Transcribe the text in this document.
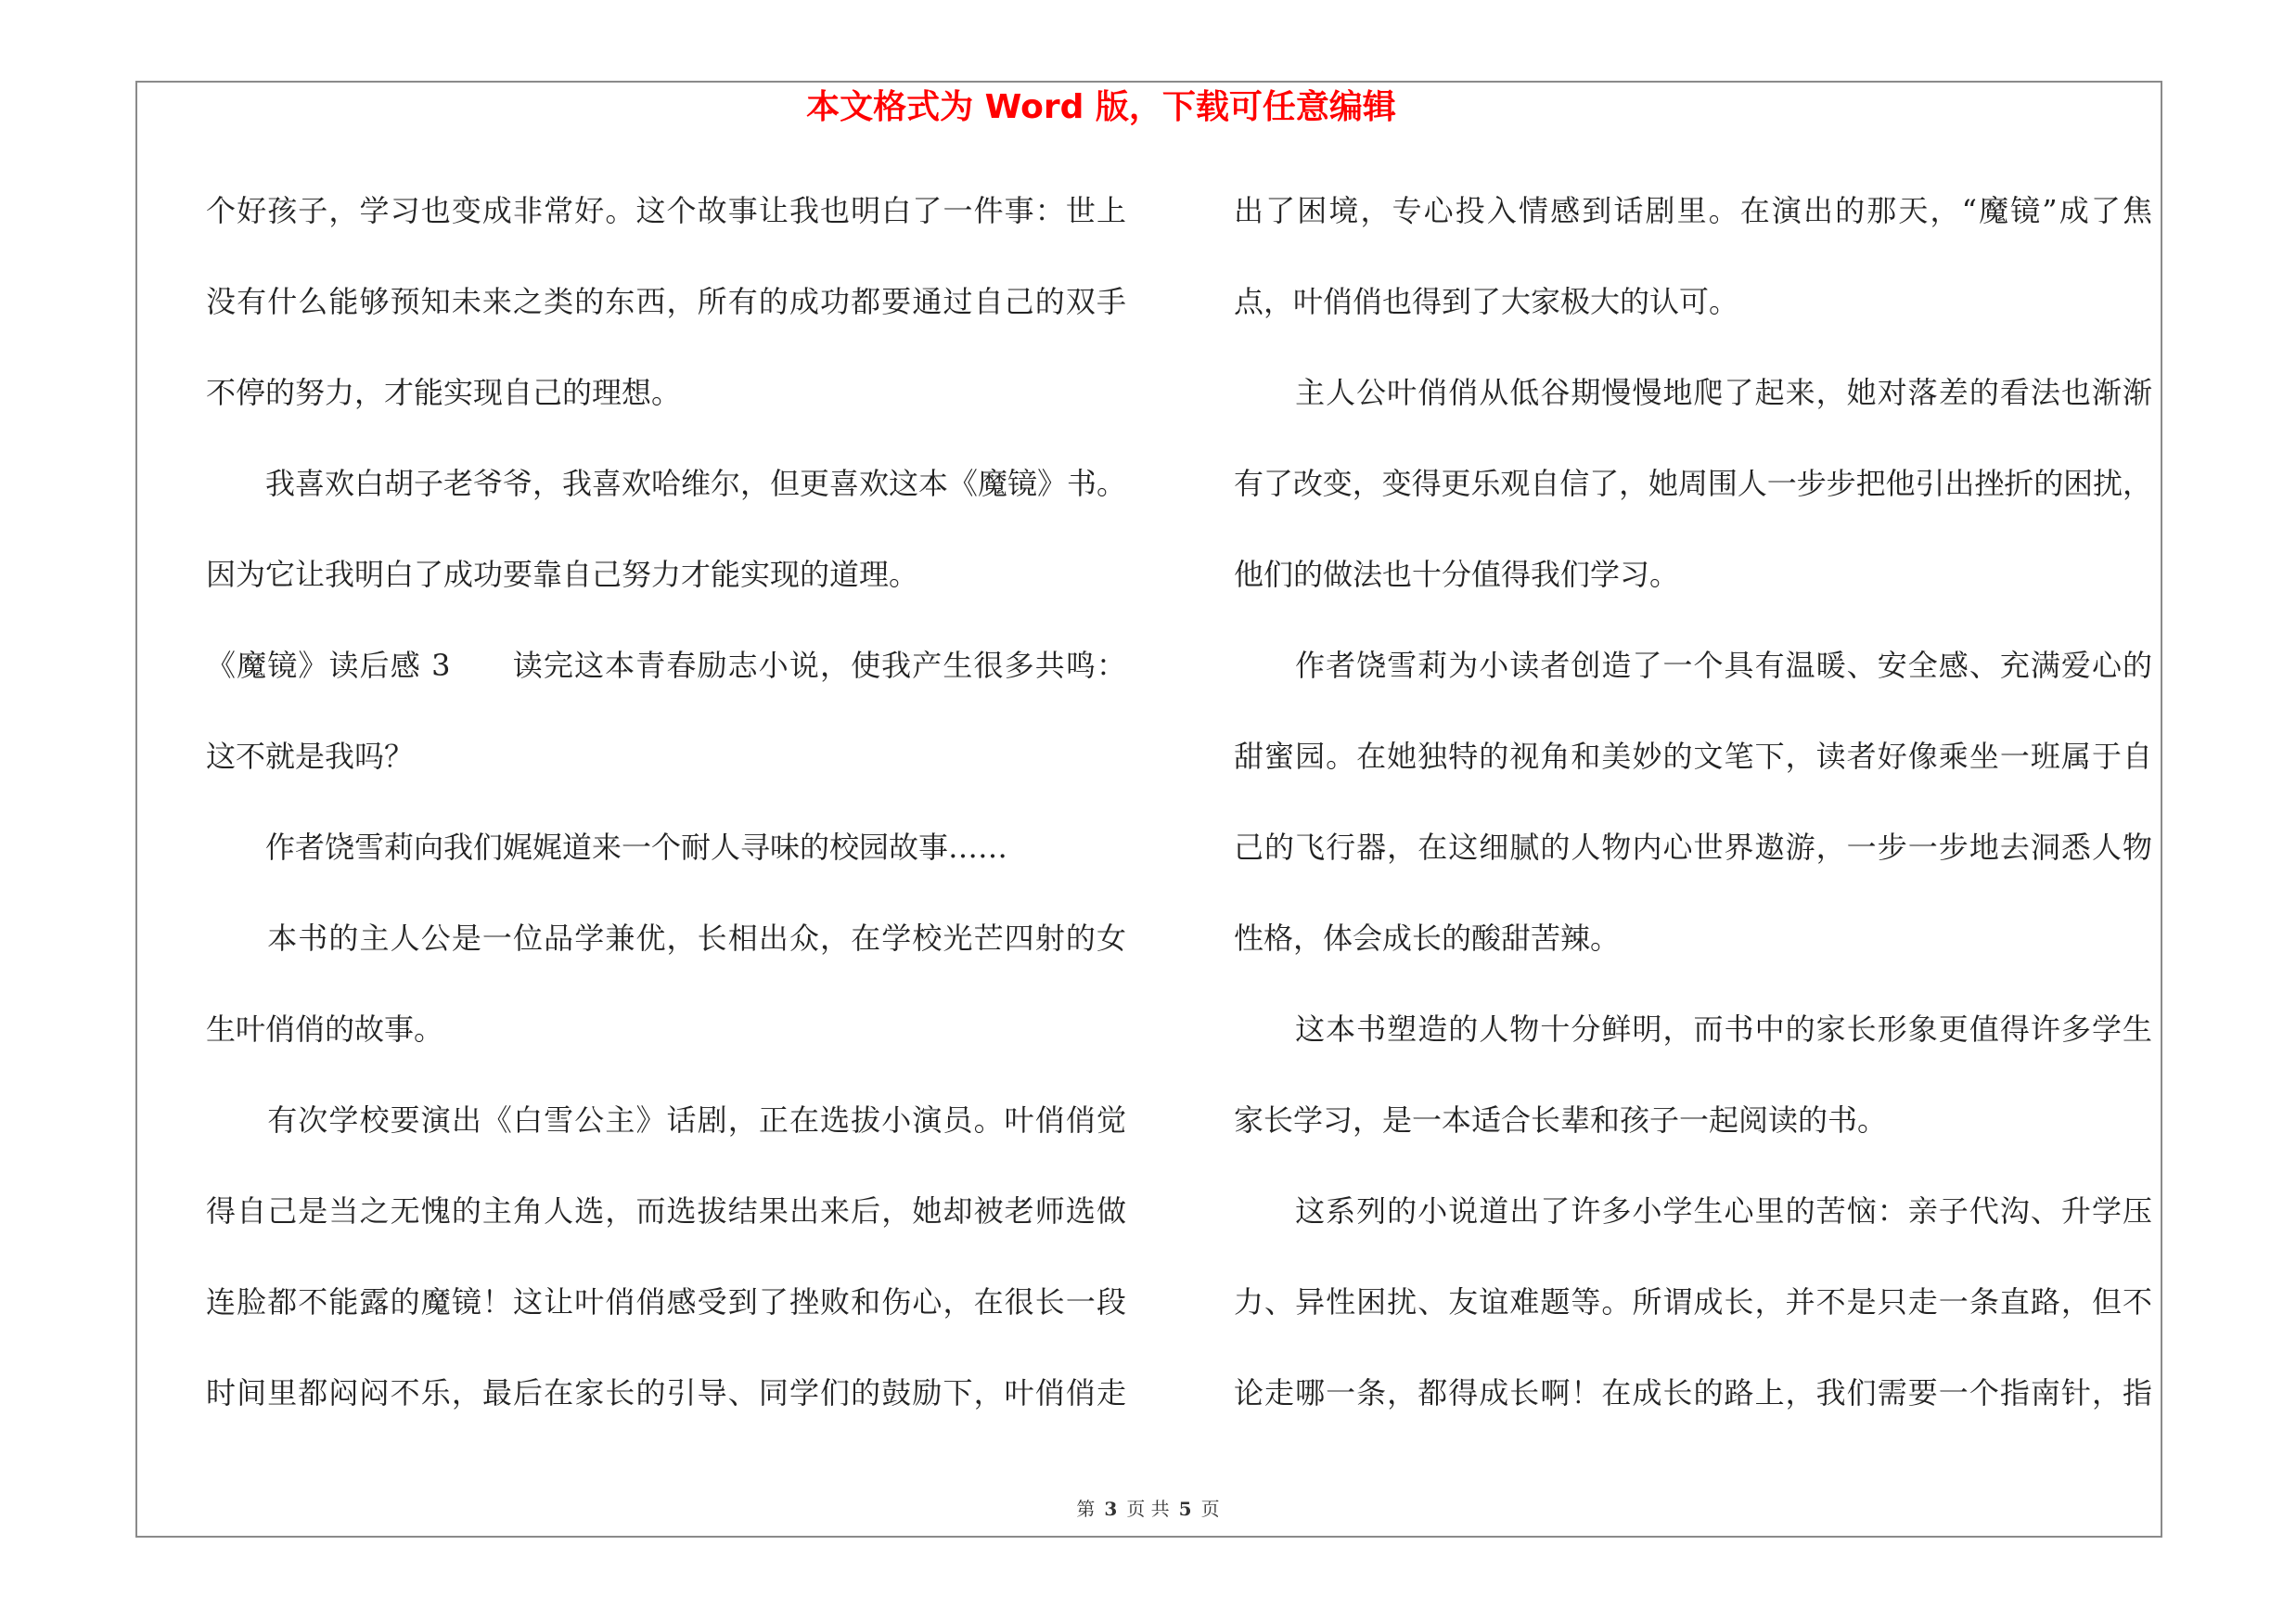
本文格式为 Word 版，下载可任意编辑
个好孩子，学习也变成非常好。这个故事让我也明白了一件事：世上
没有什么能够预知未来之类的东西，所有的成功都要通过自己的双手
不停的努力，才能实现自己的理想。
　　我喜欢白胡子老爷爷，我喜欢哈维尔，但更喜欢这本《魔镜》书。
因为它让我明白了成功要靠自己努力才能实现的道理。
《魔镜》读后感 3　　读完这本青春励志小说，使我产生很多共鸣：
这不就是我吗？
　　作者饶雪莉向我们娓娓道来一个耐人寻味的校园故事……
　　本书的主人公是一位品学兼优，长相出众，在学校光芒四射的女
生叶俏俏的故事。
　　有次学校要演出《白雪公主》话剧，正在选拔小演员。叶俏俏觉
得自己是当之无愧的主角人选，而选拔结果出来后，她却被老师选做
连脸都不能露的魔镜！这让叶俏俏感受到了挫败和伤心，在很长一段
时间里都闷闷不乐，最后在家长的引导、同学们的鼓励下，叶俏俏走
出了困境，专心投入情感到话剧里。在演出的那天，“魔镜”成了焦
点，叶俏俏也得到了大家极大的认可。
　　主人公叶俏俏从低谷期慢慢地爬了起来，她对落差的看法也渐渐
有了改变，变得更乐观自信了，她周围人一步步把他引出挫折的困扰，
他们的做法也十分值得我们学习。
　　作者饶雪莉为小读者创造了一个具有温暖、安全感、充满爱心的
甜蜜园。在她独特的视角和美妙的文笔下，读者好像乘坐一班属于自
己的飞行器，在这细腻的人物内心世界遨游，一步一步地去洞悉人物
性格，体会成长的酸甜苦辣。
　　这本书塑造的人物十分鲜明，而书中的家长形象更值得许多学生
家长学习，是一本适合长辈和孩子一起阅读的书。
　　这系列的小说道出了许多小学生心里的苦恼：亲子代沟、升学压
力、异性困扰、友谊难题等。所谓成长，并不是只走一条直路，但不
论走哪一条，都得成长啊！在成长的路上，我们需要一个指南针，指
第 3 页 共 5 页
